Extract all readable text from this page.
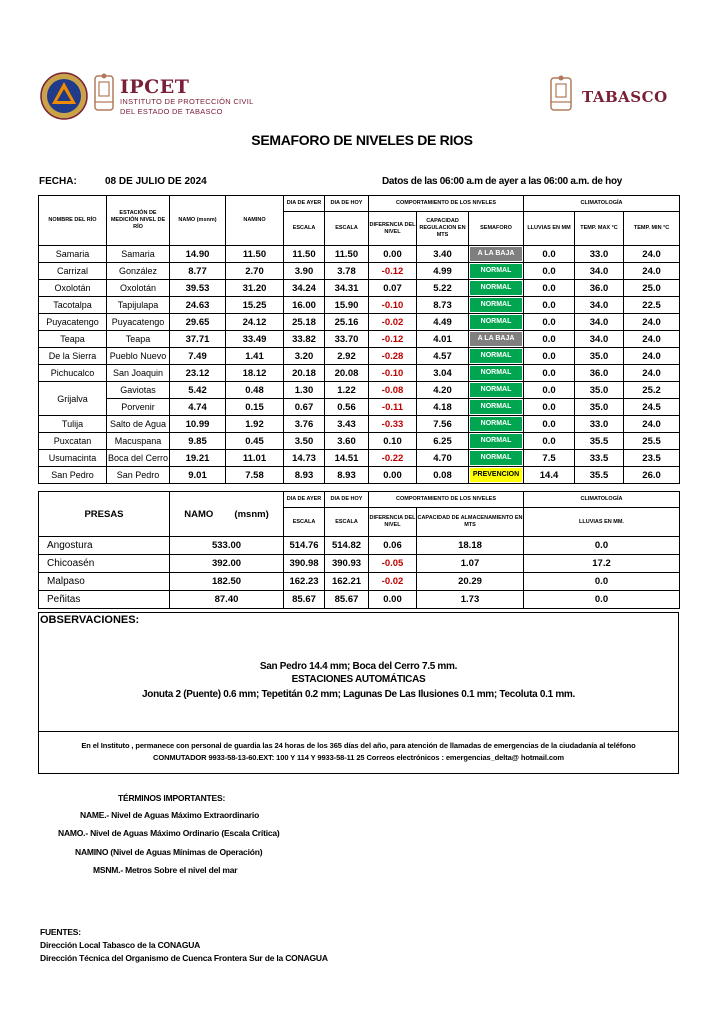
IPCET
INSTITUTO DE PROTECCIÓN CIVIL
DEL ESTADO DE TABASCO
TABASCO
SEMAFORO DE NIVELES DE RIOS
FECHA:	08 DE JULIO DE 2024	Datos de las 06:00 a.m de ayer a las 06:00 a.m. de hoy
NOMBRE DEL RÍO	ESTACIÓN DE MEDICIÓN NIVEL DE RÍO	NAMO (msnm)	NAMINO	DIA DE AYER	DIA DE HOY	COMPORTAMIENTO DE LOS NIVELES			CLIMATOLOGÍA		
				ESCALA	ESCALA	DIFERENCIA DEL NIVEL	CAPACIDAD REGULACION EN MTS	SEMAFORO	LLUVIAS EN MM	TEMP. MAX °C	TEMP. MIN °C
Samaria	Samaria	14.90	11.50	11.50	11.50	0.00	3.40	A LA BAJA	0.0	33.0	24.0
Carrizal	González	8.77	2.70	3.90	3.78	-0.12	4.99	NORMAL	0.0	34.0	24.0
Oxolotán	Oxolotán	39.53	31.20	34.24	34.31	0.07	5.22	NORMAL	0.0	36.0	25.0
Tacotalpa	Tapijulapa	24.63	15.25	16.00	15.90	-0.10	8.73	NORMAL	0.0	34.0	22.5
Puyacatengo	Puyacatengo	29.65	24.12	25.18	25.16	-0.02	4.49	NORMAL	0.0	34.0	24.0
Teapa	Teapa	37.71	33.49	33.82	33.70	-0.12	4.01	A LA BAJA	0.0	34.0	24.0
De la Sierra	Pueblo Nuevo	7.49	1.41	3.20	2.92	-0.28	4.57	NORMAL	0.0	35.0	24.0
Pichucalco	San Joaquin	23.12	18.12	20.18	20.08	-0.10	3.04	NORMAL	0.0	36.0	24.0
Grijalva	Gaviotas	5.42	0.48	1.30	1.22	-0.08	4.20	NORMAL	0.0	35.0	25.2
	Porvenir	4.74	0.15	0.67	0.56	-0.11	4.18	NORMAL	0.0	35.0	24.5
Tulija	Salto de Agua	10.99	1.92	3.76	3.43	-0.33	7.56	NORMAL	0.0	33.0	24.0
Puxcatan	Macuspana	9.85	0.45	3.50	3.60	0.10	6.25	NORMAL	0.0	35.5	25.5
Usumacinta	Boca del Cerro	19.21	11.01	14.73	14.51	-0.22	4.70	NORMAL	7.5	33.5	23.5
San Pedro	San Pedro	9.01	7.58	8.93	8.93	0.00	0.08	PREVENCION	14.4	35.5	26.0
PRESAS	NAMO (msnm)	DIA DE AYER	DIA DE HOY	COMPORTAMIENTO DE LOS NIVELES		CLIMATOLOGÍA
		ESCALA	ESCALA	DIFERENCIA DEL NIVEL	CAPACIDAD DE ALMACENAMIENTO EN MTS	LLUVIAS EN MM.
Angostura	533.00	514.76	514.82	0.06	18.18	0.0
Chicoasén	392.00	390.98	390.93	-0.05	1.07	17.2
Malpaso	182.50	162.23	162.21	-0.02	20.29	0.0
Peñitas	87.40	85.67	85.67	0.00	1.73	0.0
OBSERVACIONES:
San Pedro 14.4 mm; Boca del Cerro 7.5 mm.
ESTACIONES AUTOMÁTICAS
Jonuta 2 (Puente) 0.6 mm; Tepetitán 0.2 mm; Lagunas De Las Ilusiones 0.1 mm; Tecoluta 0.1 mm.
En el Instituto , permanece con personal de guardia las 24 horas de los 365 días del año, para atención de llamadas de emergencias de la ciudadanía al teléfono
CONMUTADOR 9933-58-13-60.EXT: 100 Y 114 Y 9933-58-11 25 Correos electrónicos : emergencias_delta@ hotmail.com
TÉRMINOS IMPORTANTES:
NAME.- Nivel de Aguas Máximo Extraordinario
NAMO.- Nivel de Aguas Máximo Ordinario (Escala Crítica)
NAMINO (Nivel de Aguas Mínimas de Operación)
MSNM.- Metros Sobre el nivel del mar
FUENTES:
Dirección Local Tabasco de la CONAGUA
Dirección Técnica del Organismo de Cuenca Frontera Sur de la CONAGUA
